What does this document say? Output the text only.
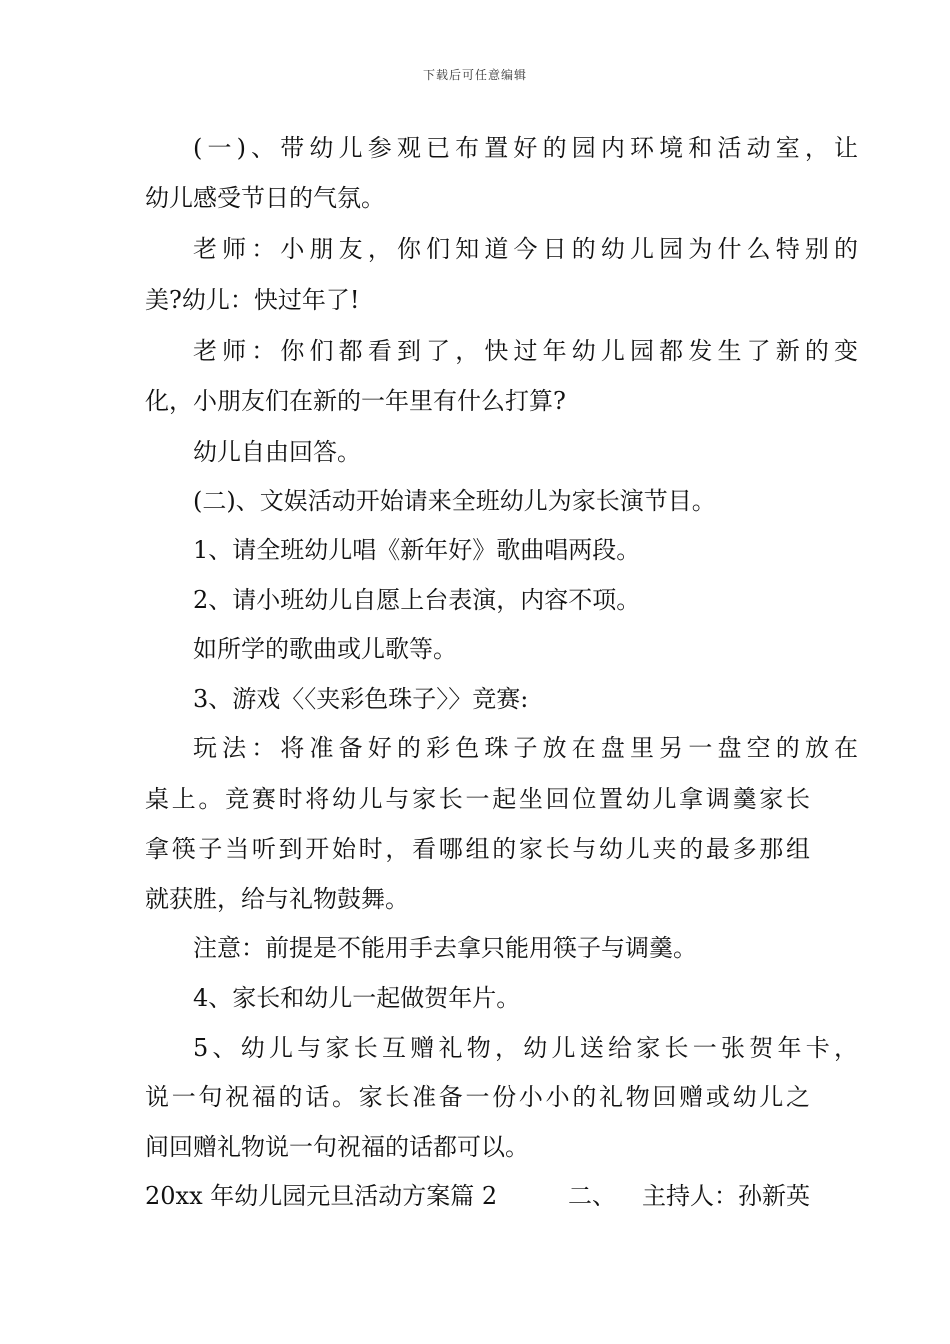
下载后可任意编辑
(一)、带幼儿参观已布置好的园内环境和活动室，让
幼儿感受节日的气氛。
老师：小朋友，你们知道今日的幼儿园为什么特别的
美?幼儿：快过年了!
老师：你们都看到了，快过年幼儿园都发生了新的变
化，小朋友们在新的一年里有什么打算?
幼儿自由回答。
(二)、文娱活动开始请来全班幼儿为家长演节目。
1、请全班幼儿唱《新年好》歌曲唱两段。
2、请小班幼儿自愿上台表演，内容不项。
如所学的歌曲或儿歌等。
3、游戏〈〈夹彩色珠子〉〉竞赛:
玩法：将准备好的彩色珠子放在盘里另一盘空的放在
桌上。竞赛时将幼儿与家长一起坐回位置幼儿拿调羹家长
拿筷子当听到开始时，看哪组的家长与幼儿夹的最多那组
就获胜，给与礼物鼓舞。
注意：前提是不能用手去拿只能用筷子与调羹。
4、家长和幼儿一起做贺年片。
5、幼儿与家长互赠礼物，幼儿送给家长一张贺年卡，
说一句祝福的话。家长准备一份小小的礼物回赠或幼儿之
间回赠礼物说一句祝福的话都可以。
20xx 年幼儿园元旦活动方案篇 2	二、 主持人：孙新英
